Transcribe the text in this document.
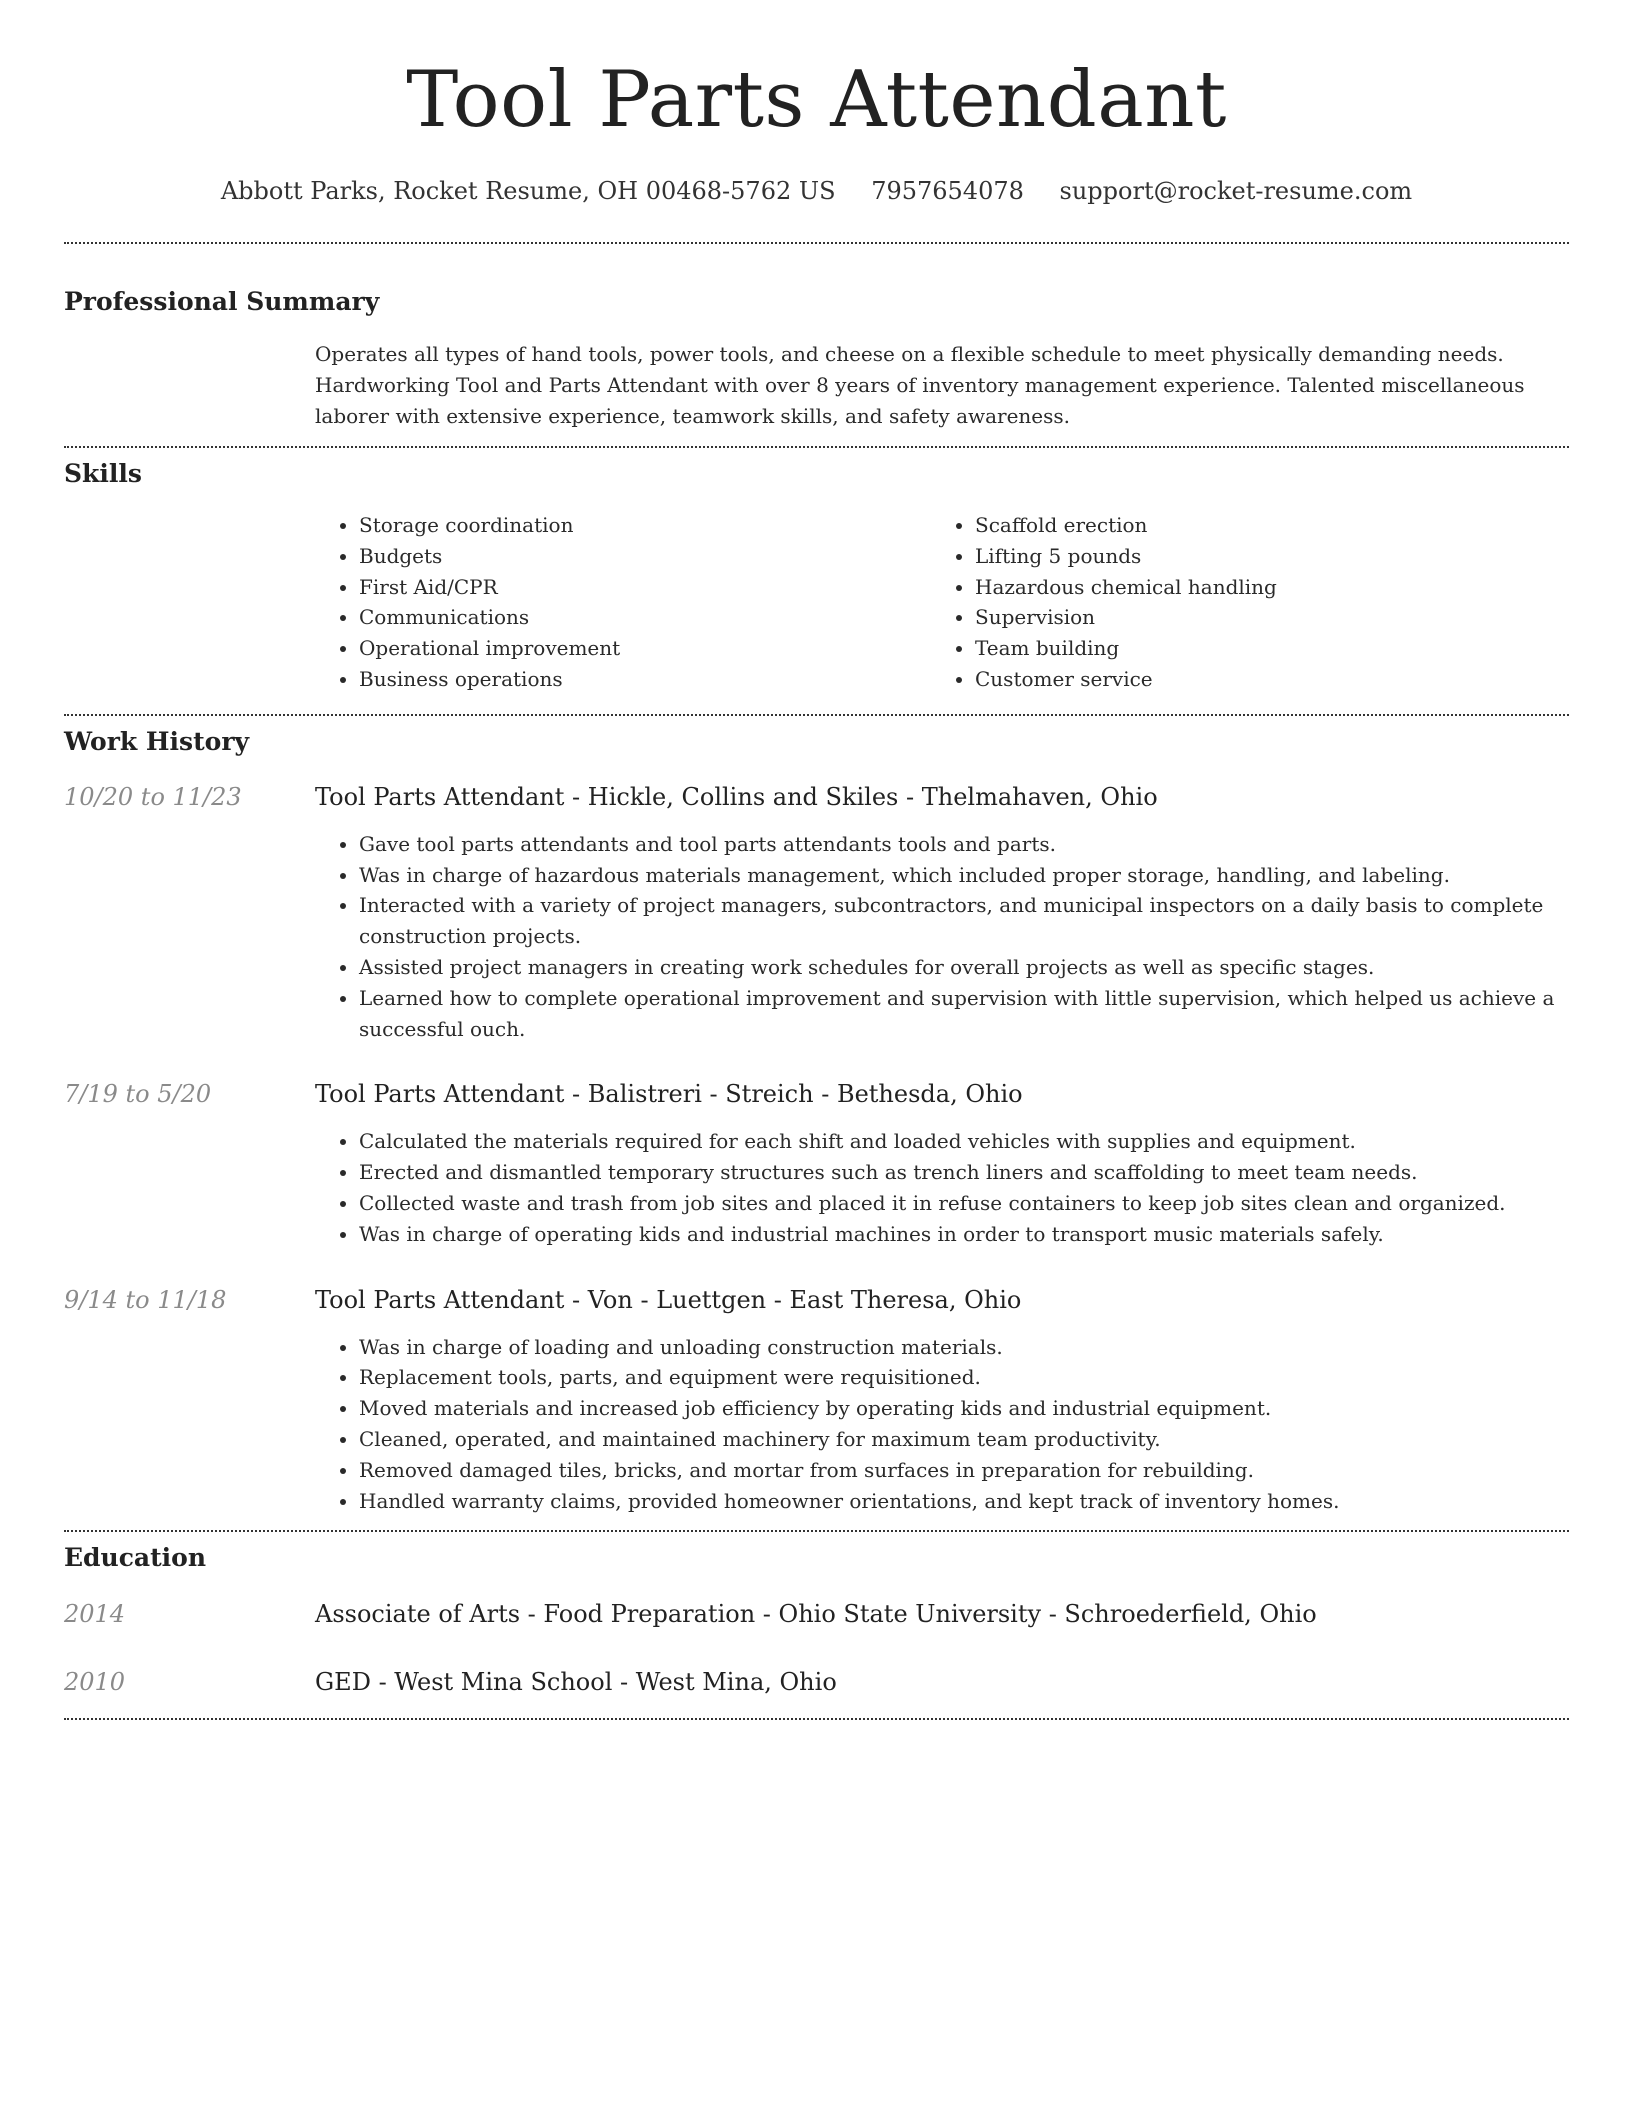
Tool Parts Attendant
Abbott Parks, Rocket Resume, OH 00468-5762 US 7957654078 support@rocket-resume.com
Professional Summary

Operates all types of hand tools, power tools, and cheese on a flexible schedule to meet physically demanding needs. Hardworking Tool and Parts Attendant with over 8 years of inventory management experience. Talented miscellaneous laborer with extensive experience, teamwork skills, and safety awareness.

Skills
• Storage coordination
• Budgets
• First Aid/CPR
• Communications
• Operational improvement
• Business operations
• Scaffold erection
• Lifting 5 pounds
• Hazardous chemical handling
• Supervision
• Team building
• Customer service
Work History
10/20 to 11/23	Tool Parts Attendant - Hickle, Collins and Skiles - Thelmahaven, Ohio
• Gave tool parts attendants and tool parts attendants tools and parts.
• Was in charge of hazardous materials management, which included proper storage, handling, and labeling.
• Interacted with a variety of project managers, subcontractors, and municipal inspectors on a daily basis to complete construction projects.
• Assisted project managers in creating work schedules for overall projects as well as specific stages.
• Learned how to complete operational improvement and supervision with little supervision, which helped us achieve a successful ouch.
7/19 to 5/20	Tool Parts Attendant - Balistreri - Streich - Bethesda, Ohio
• Calculated the materials required for each shift and loaded vehicles with supplies and equipment.
• Erected and dismantled temporary structures such as trench liners and scaffolding to meet team needs.
• Collected waste and trash from job sites and placed it in refuse containers to keep job sites clean and organized.
• Was in charge of operating kids and industrial machines in order to transport music materials safely.
9/14 to 11/18	Tool Parts Attendant - Von - Luettgen - East Theresa, Ohio
• Was in charge of loading and unloading construction materials.
• Replacement tools, parts, and equipment were requisitioned.
• Moved materials and increased job efficiency by operating kids and industrial equipment.
• Cleaned, operated, and maintained machinery for maximum team productivity.
• Removed damaged tiles, bricks, and mortar from surfaces in preparation for rebuilding.
• Handled warranty claims, provided homeowner orientations, and kept track of inventory homes.
Education
2014	Associate of Arts - Food Preparation - Ohio State University - Schroederfield, Ohio
2010	GED - West Mina School - West Mina, Ohio
